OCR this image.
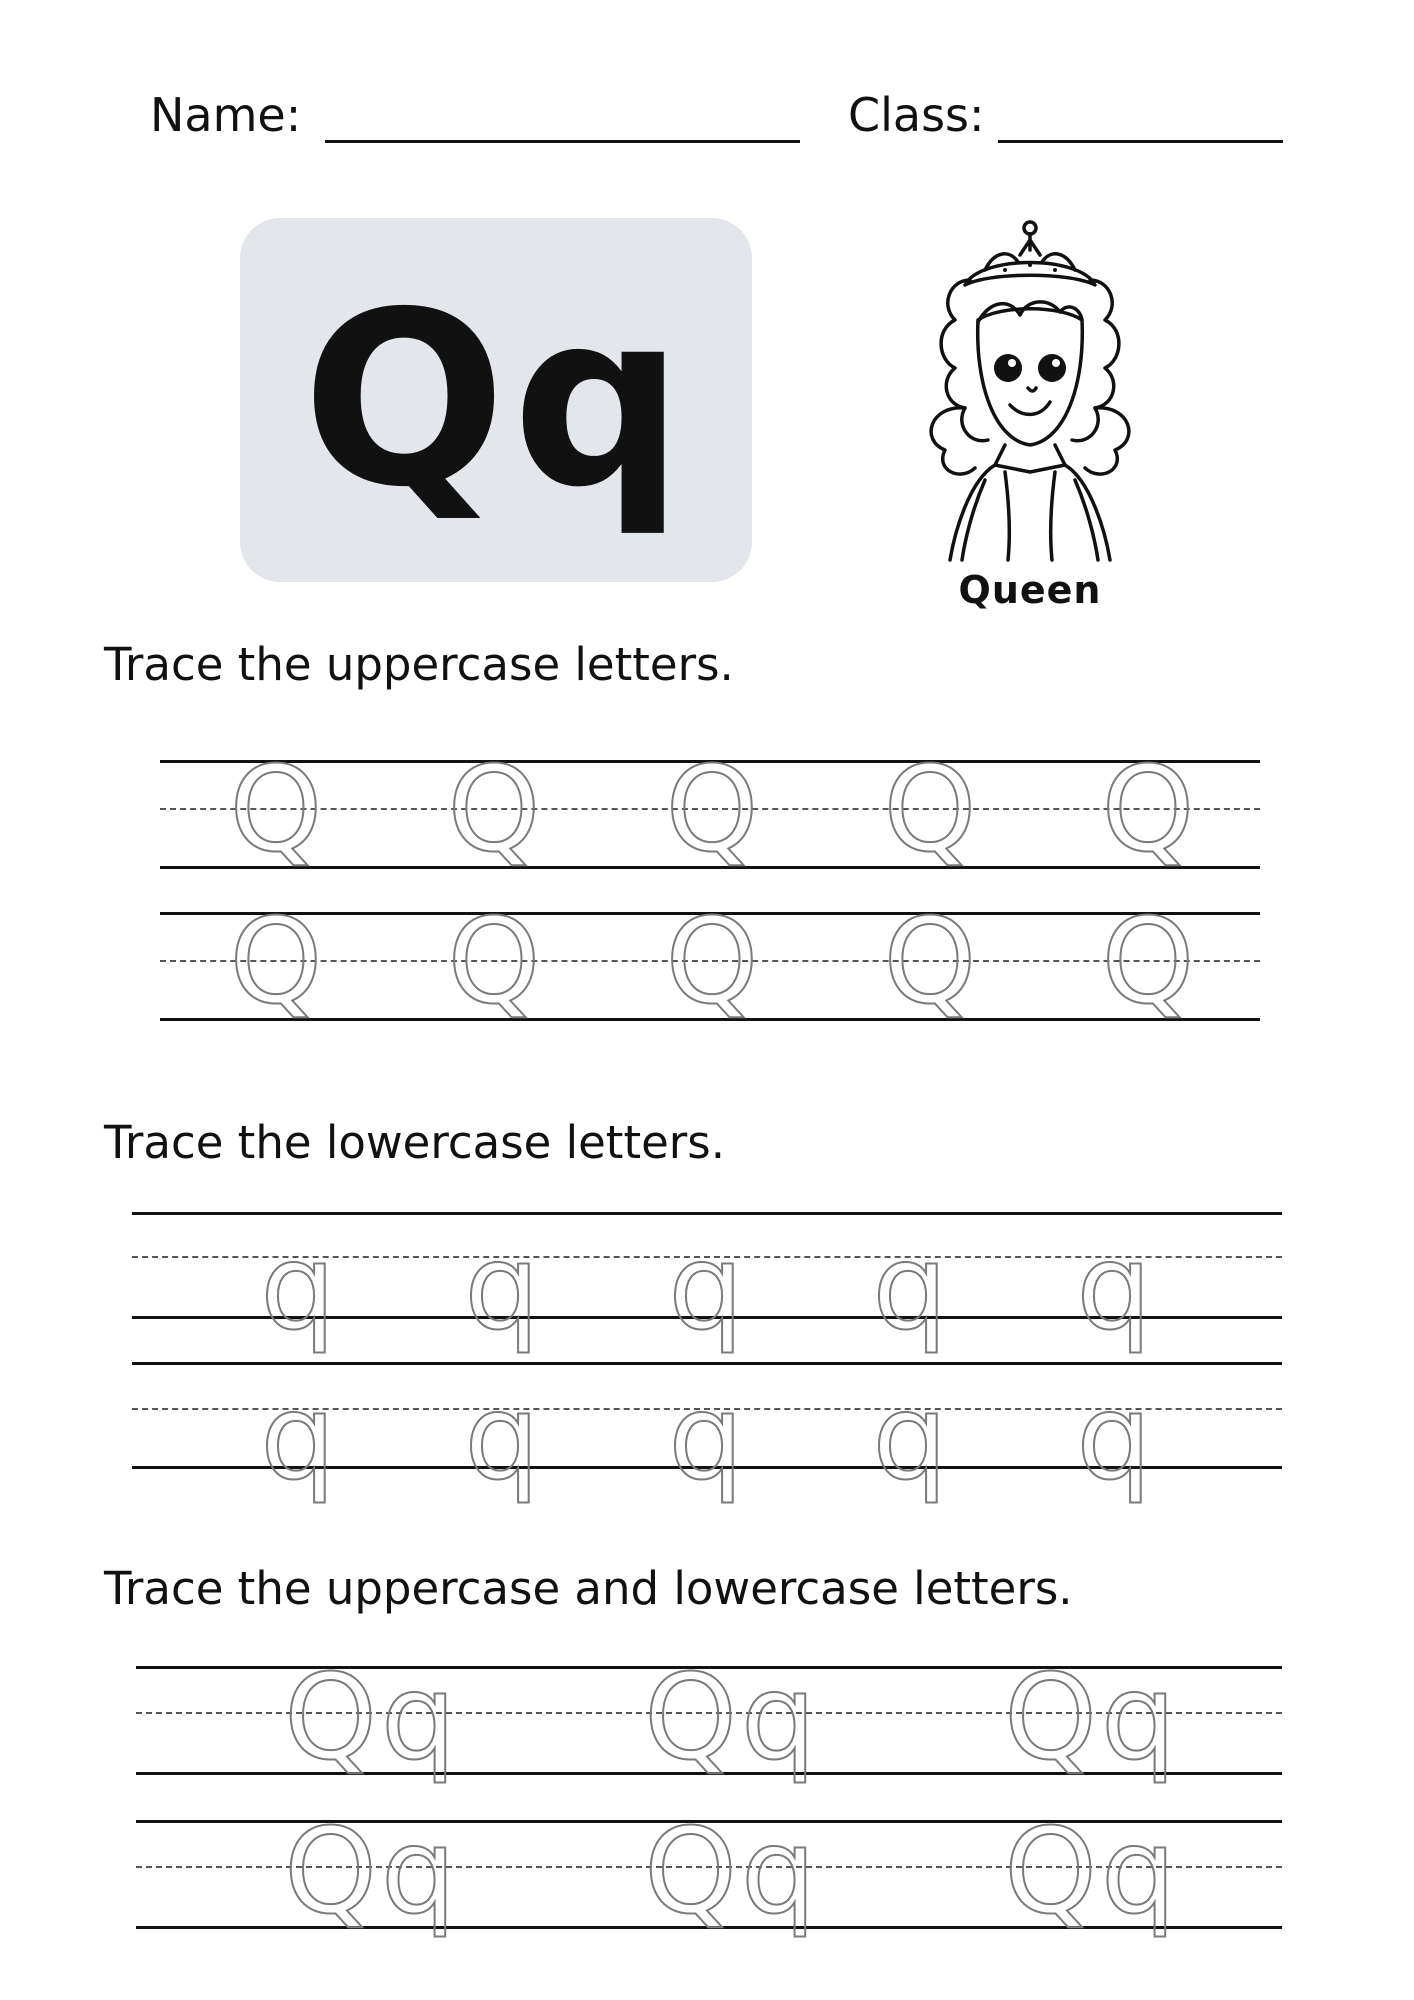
Name:	Class:
Qq
Queen
Trace the uppercase letters.
Q Q Q Q Q
Q Q Q Q Q
Trace the lowercase letters.
q q q q q
q q q q q
Trace the uppercase and lowercase letters.
Qq Qq Qq
Qq Qq Qq
